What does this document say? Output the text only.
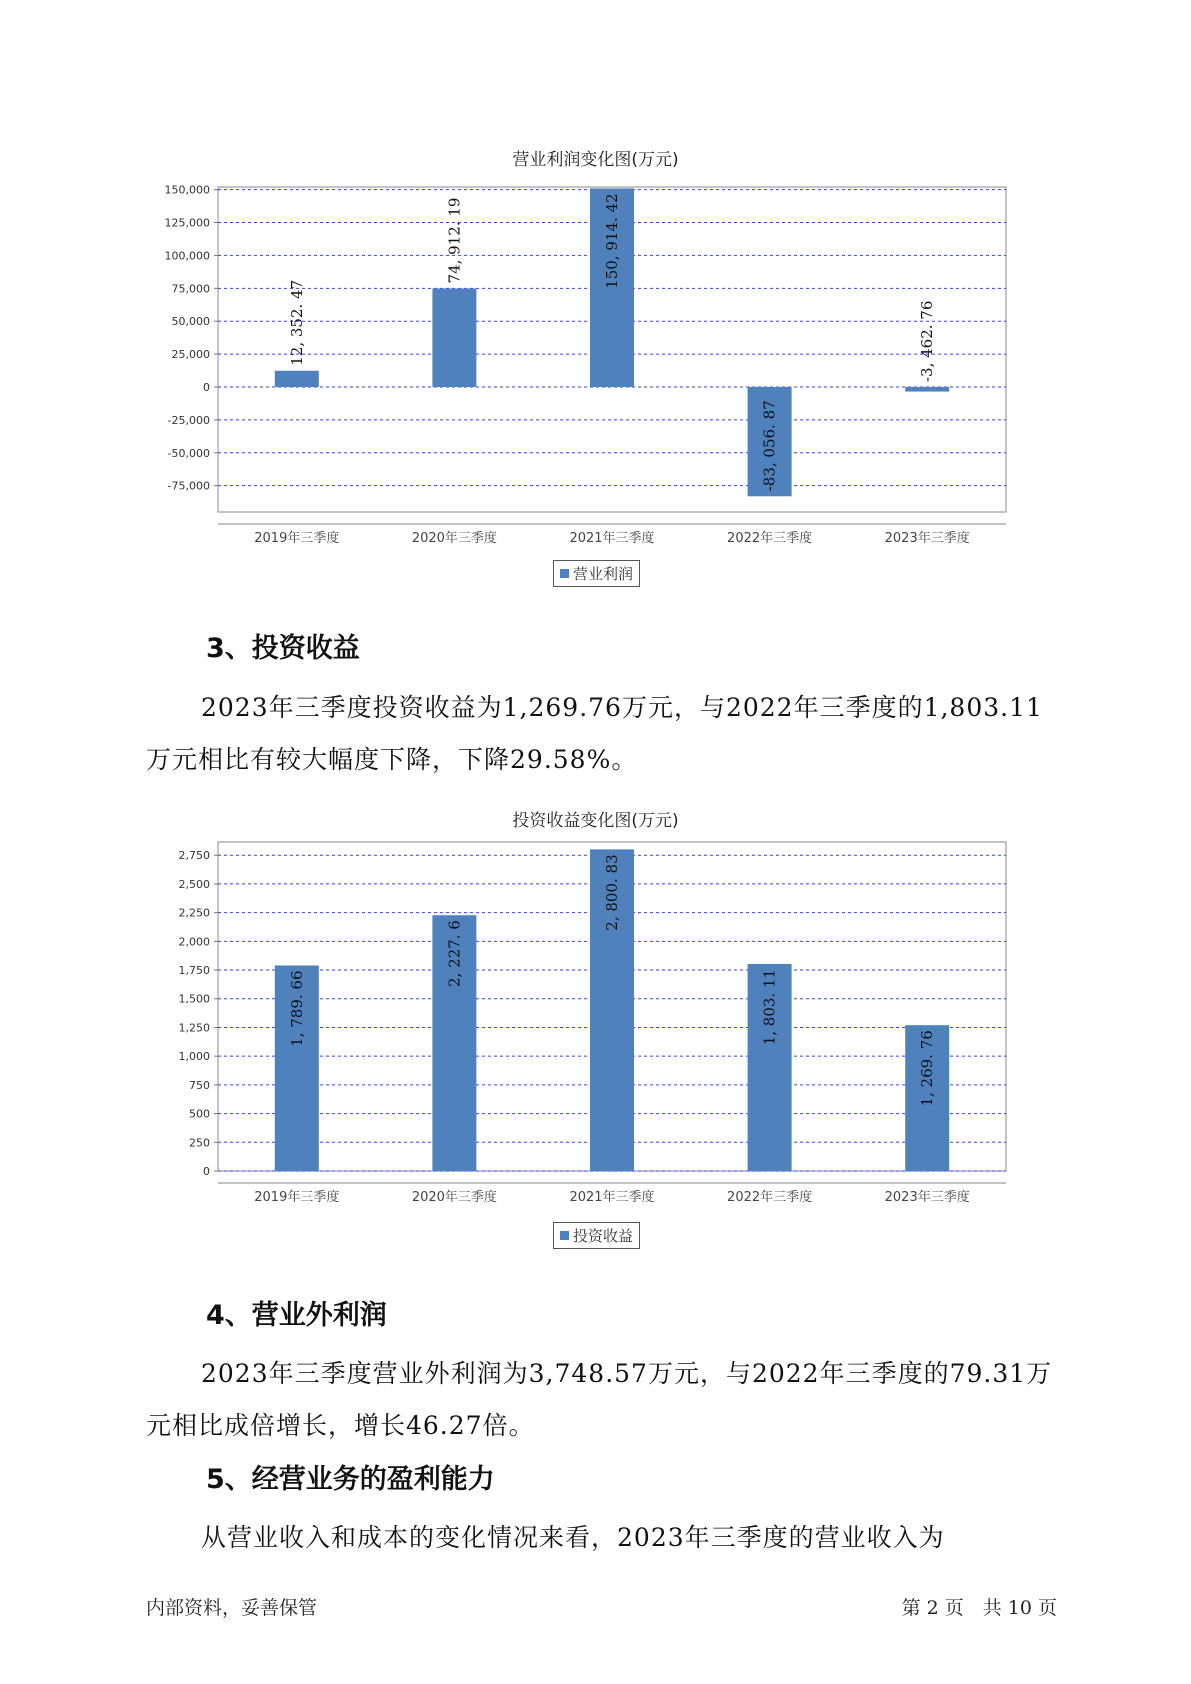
营业利润变化图(万元)
150,000
125,000
100,000
75,000
50,000
25,000
0
-25,000
-50,000
-75,000
12, 352. 47
2019年三季度
74, 912. 19
2020年三季度
150, 914. 42
2021年三季度
-83, 056. 87
2022年三季度
-3, 462. 76
2023年三季度
营业利润
3、投资收益

2023年三季度投资收益为1,269.76万元，与2022年三季度的1,803.11万元相比有较大幅度下降，下降29.58%。

投资收益变化图(万元)
2,750
2,500
2,250
2,000
1,750
1,500
1,250
1,000
750
500
250
0
1, 789. 66
2019年三季度
2, 227. 6
2020年三季度
2, 800. 83
2021年三季度
1, 803. 11
2022年三季度
1, 269. 76
2023年三季度
投资收益
4、营业外利润

2023年三季度营业外利润为3,748.57万元，与2022年三季度的79.31万元相比成倍增长，增长46.27倍。

5、经营业务的盈利能力

从营业收入和成本的变化情况来看，2023年三季度的营业收入为

内部资料，妥善保管	第 2 页　共 10 页
